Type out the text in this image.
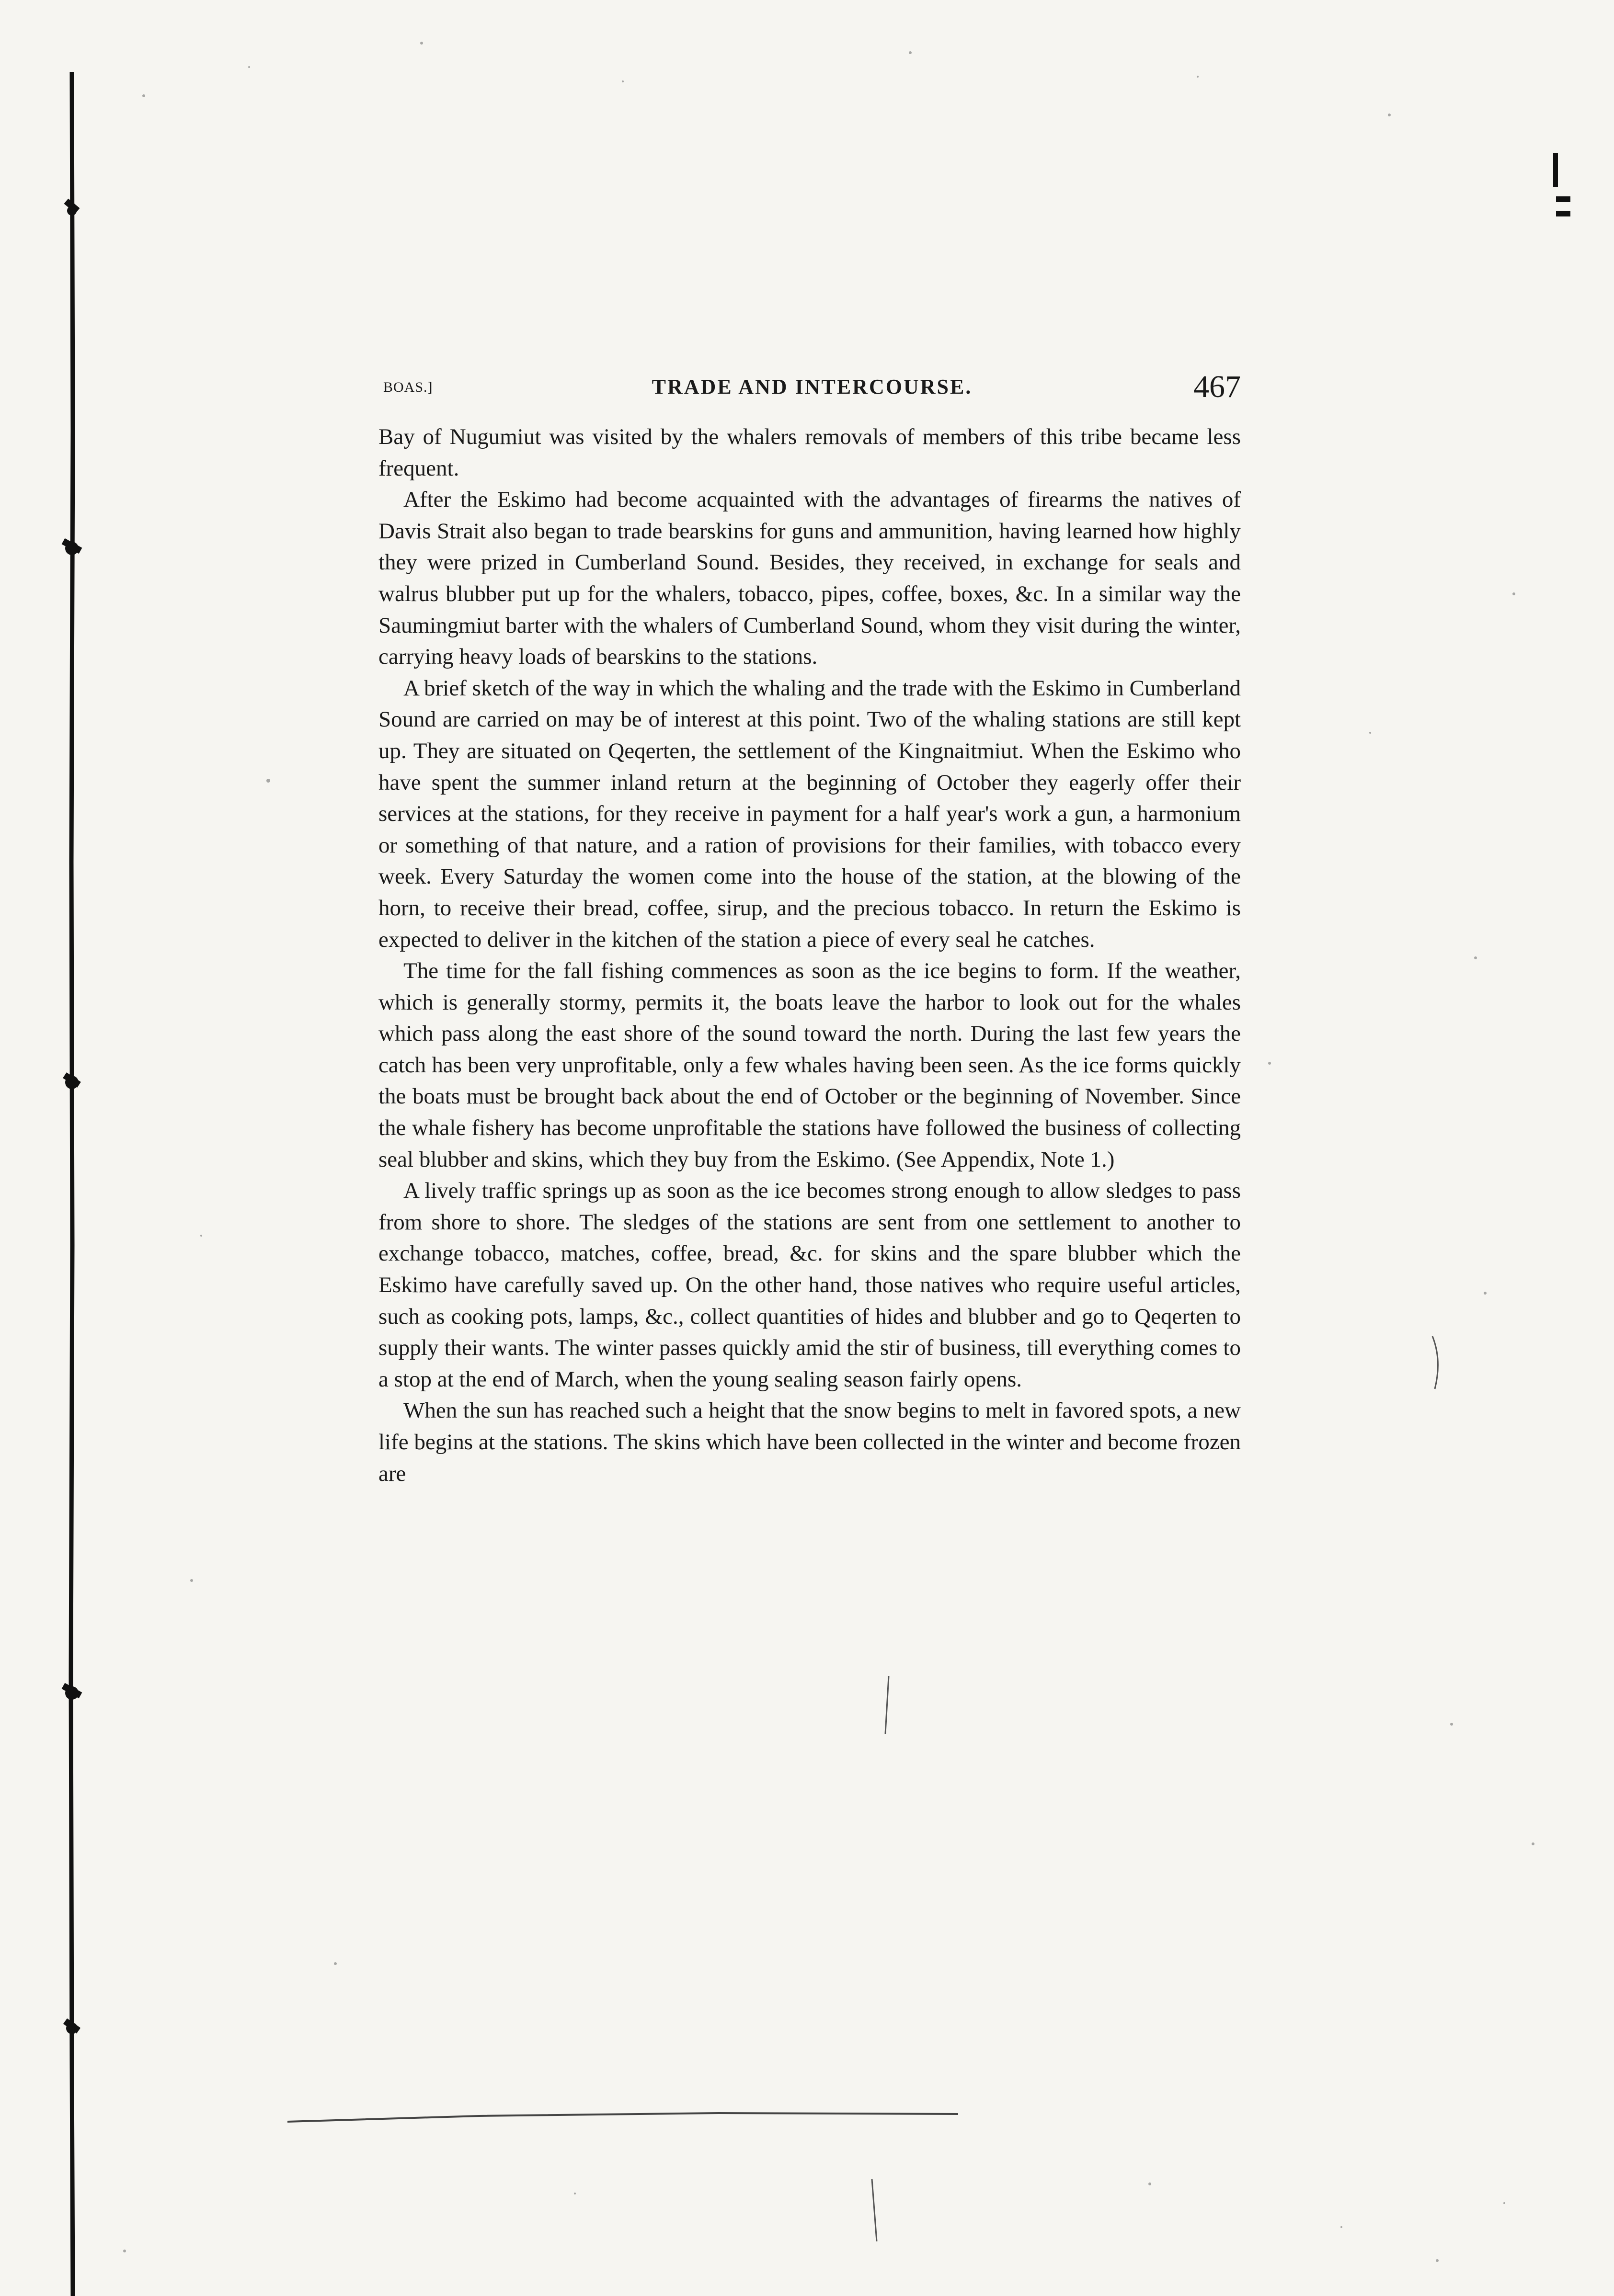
BOAS.]	TRADE AND INTERCOURSE.	467

Bay of Nugumiut was visited by the whalers removals of members of this tribe became less frequent.

After the Eskimo had become acquainted with the advantages of firearms the natives of Davis Strait also began to trade bearskins for guns and ammunition, having learned how highly they were prized in Cumberland Sound. Besides, they received, in exchange for seals and walrus blubber put up for the whalers, tobacco, pipes, coffee, boxes, &c. In a similar way the Saumingmiut barter with the whalers of Cumberland Sound, whom they visit during the winter, carrying heavy loads of bearskins to the stations.

A brief sketch of the way in which the whaling and the trade with the Eskimo in Cumberland Sound are carried on may be of interest at this point. Two of the whaling stations are still kept up. They are situated on Qeqerten, the settlement of the Kingnaitmiut. When the Eskimo who have spent the summer inland return at the beginning of October they eagerly offer their services at the stations, for they receive in payment for a half year's work a gun, a harmonium or something of that nature, and a ration of provisions for their families, with tobacco every week. Every Saturday the women come into the house of the station, at the blowing of the horn, to receive their bread, coffee, sirup, and the precious tobacco. In return the Eskimo is expected to deliver in the kitchen of the station a piece of every seal he catches.

The time for the fall fishing commences as soon as the ice begins to form. If the weather, which is generally stormy, permits it, the boats leave the harbor to look out for the whales which pass along the east shore of the sound toward the north. During the last few years the catch has been very unprofitable, only a few whales having been seen. As the ice forms quickly the boats must be brought back about the end of October or the beginning of November. Since the whale fishery has become unprofitable the stations have followed the business of collecting seal blubber and skins, which they buy from the Eskimo. (See Appendix, Note 1.)

A lively traffic springs up as soon as the ice becomes strong enough to allow sledges to pass from shore to shore. The sledges of the stations are sent from one settlement to another to exchange tobacco, matches, coffee, bread, &c. for skins and the spare blubber which the Eskimo have carefully saved up. On the other hand, those natives who require useful articles, such as cooking pots, lamps, &c., collect quantities of hides and blubber and go to Qeqerten to supply their wants. The winter passes quickly amid the stir of business, till everything comes to a stop at the end of March, when the young sealing season fairly opens.

When the sun has reached such a height that the snow begins to melt in favored spots, a new life begins at the stations. The skins which have been collected in the winter and become frozen are
